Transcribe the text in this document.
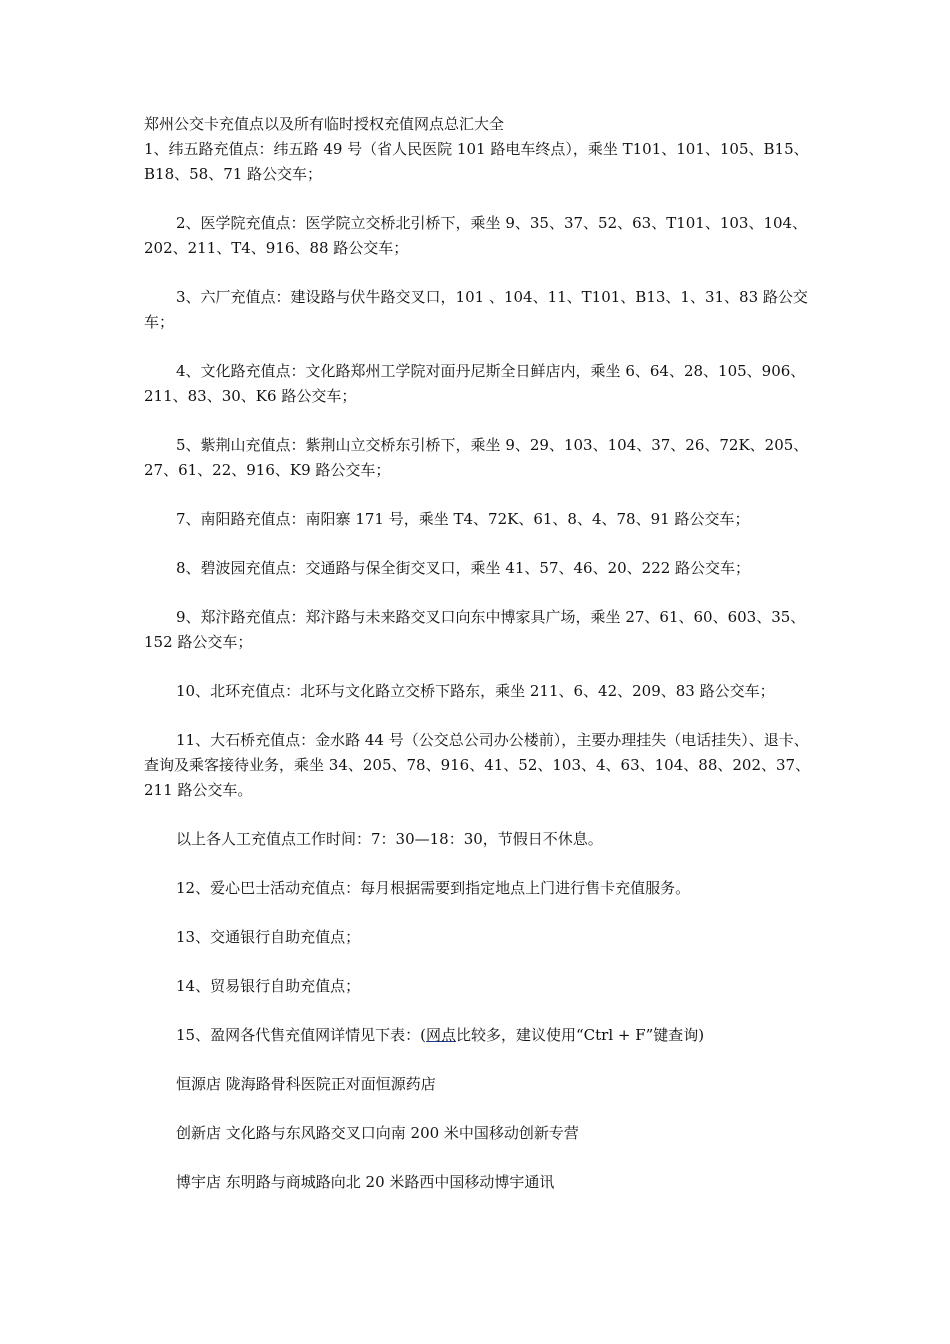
郑州公交卡充值点以及所有临时授权充值网点总汇大全

1、纬五路充值点：纬五路 49 号（省人民医院 101 路电车终点），乘坐 T101、101、105、B15、B18、58、71 路公交车；

2、医学院充值点：医学院立交桥北引桥下，乘坐 9、35、37、52、63、T101、103、104、202、211、T4、916、88 路公交车；

3、六厂充值点：建设路与伏牛路交叉口，101 、104、11、T101、B13、1、31、83 路公交车；

4、文化路充值点：文化路郑州工学院对面丹尼斯全日鲜店内，乘坐 6、64、28、105、906、211、83、30、K6 路公交车；

5、紫荆山充值点：紫荆山立交桥东引桥下，乘坐 9、29、103、104、37、26、72K、205、27、61、22、916、K9 路公交车；

7、南阳路充值点：南阳寨 171 号，乘坐 T4、72K、61、8、4、78、91 路公交车；

8、碧波园充值点：交通路与保全街交叉口，乘坐 41、57、46、20、222 路公交车；

9、郑汴路充值点：郑汴路与未来路交叉口向东中博家具广场，乘坐 27、61、60、603、35、152 路公交车；

10、北环充值点：北环与文化路立交桥下路东，乘坐 211、6、42、209、83 路公交车；

11、大石桥充值点：金水路 44 号（公交总公司办公楼前），主要办理挂失（电话挂失）、退卡、查询及乘客接待业务，乘坐 34、205、78、916、41、52、103、4、63、104、88、202、37、211 路公交车。

以上各人工充值点工作时间：7：30—18：30，节假日不休息。

12、爱心巴士活动充值点：每月根据需要到指定地点上门进行售卡充值服务。

13、交通银行自助充值点；

14、贸易银行自助充值点；

15、盈网各代售充值网详情见下表：(网点比较多，建议使用“Ctrl + F”键查询)

恒源店 陇海路骨科医院正对面恒源药店

创新店 文化路与东风路交叉口向南 200 米中国移动创新专营

博宇店 东明路与商城路向北 20 米路西中国移动博宇通讯
